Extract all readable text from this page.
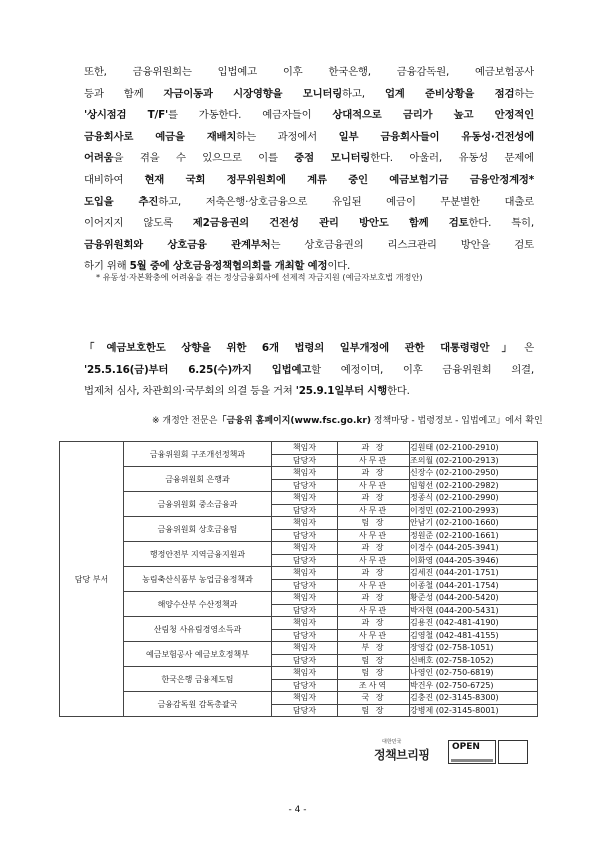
또한, 금융위원회는 입법예고 이후 한국은행, 금융감독원, 예금보험공사
등과 함께 자금이동과 시장영향을 모니터링하고, 업계 준비상황을 점검하는
'상시점검 T/F'를 가동한다. 예금자들이 상대적으로 금리가 높고 안정적인
금융회사로 예금을 재배치하는 과정에서 일부 금융회사들이 유동성·건전성에
어려움을 겪을 수 있으므로 이를 중점 모니터링한다. 아울러, 유동성 문제에
대비하여 현재 국회 정무위원회에 계류 중인 예금보험기금 금융안정계정*
도입을 추진하고, 저축은행·상호금융으로 유입된 예금이 무분별한 대출로
이어지지 않도록 제2금융권의 건전성 관리 방안도 함께 검토한다. 특히,
금융위원회와 상호금융 관계부처는 상호금융권의 리스크관리 방안을 검토
하기 위해 5월 중에 상호금융정책협의회를 개최할 예정이다.
* 유동성·자본확충에 어려움을 겪는 정상금융회사에 선제적 자금지원 (예금자보호법 개정안)
「예금보호한도 상향을 위한 6개 법령의 일부개정에 관한 대통령령안」은
'25.5.16(금)부터 6.25(수)까지 입법예고할 예정이며, 이후 금융위원회 의결,
법제처 심사, 차관회의·국무회의 의결 등을 거쳐 '25.9.1일부터 시행한다.
※ 개정안 전문은「금융위 홈페이지(www.fsc.go.kr) 정책마당 - 법령정보 - 입법예고」에서 확인
담당 부서	금융위원회 구조개선정책과	책임자	과 장	김원태 (02-2100-2910)
		담당자	사무관	조의월 (02-2100-2913)
	금융위원회 은행과	책임자	과 장	신장수 (02-2100-2950)
		담당자	사무관	임형선 (02-2100-2982)
	금융위원회 중소금융과	책임자	과 장	정종식 (02-2100-2990)
		담당자	사무관	이정민 (02-2100-2993)
	금융위원회 상호금융팀	책임자	팀 장	안남기 (02-2100-1660)
		담당자	사무관	정원준 (02-2100-1661)
	행정안전부 지역금융지원과	책임자	과 장	이경수 (044-205-3941)
		담당자	사무관	이화영 (044-205-3946)
	농림축산식품부 농업금융정책과	책임자	과 장	김세진 (044-201-1751)
		담당자	사무관	이종철 (044-201-1754)
	해양수산부 수산정책과	책임자	과 장	황준성 (044-200-5420)
		담당자	사무관	박자현 (044-200-5431)
	산림청 사유림경영소득과	책임자	과 장	김용진 (042-481-4190)
		담당자	사무관	김영철 (042-481-4155)
	예금보험공사 예금보호정책부	책임자	부 장	장영갑 (02-758-1051)
		담당자	팀 장	신배호 (02-758-1052)
	한국은행 금융제도팀	책임자	팀 장	나영인 (02-750-6819)
		담당자	조사역	박건우 (02-750-6725)
	금융감독원 감독총괄국	책임자	국 장	김충진 (02-3145-8300)
		담당자	팀 장	강병제 (02-3145-8001)
대한민국
정책브리핑
OPEN
- 4 -
